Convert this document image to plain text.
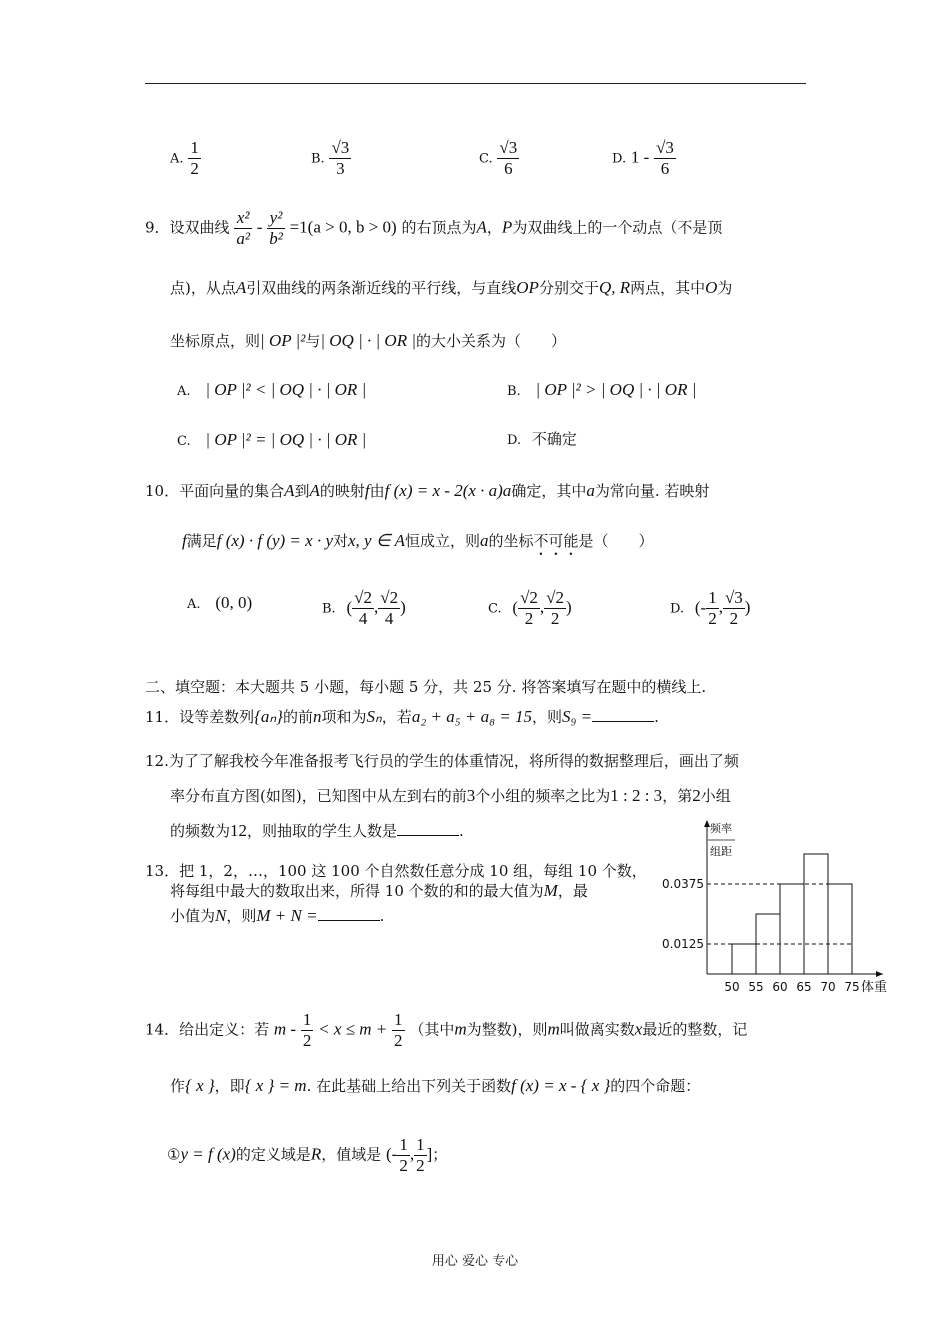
A. $\frac{1}{2}$	B. $\frac{√3}{3}$	C. $\frac{√3}{6}$	D. $1 - \frac{√3}{6}$
9．设双曲线 $\frac{\text{x²}}{\text{a²}} - \frac{\text{y²}}{\text{b²}} =1(a > 0$, b > 0) 的右顶点为A，P为双曲线上的一个动点（不是顶
点)，从点A引双曲线的两条渐近线的平行线，与直线OP分别交于Q, R两点，其中O为
坐标原点，则| OP |²与| OQ | · | OR |的大小关系为（　　）
A. | OP |² < | OQ | · | OR |	B. | OP |² > | OQ | · | OR |
C. | OP |² = | OQ | · | OR |	D. 不确定
10．平面向量的集合A到A的映射f由f (x) = x - 2(x · a)a确定，其中a为常向量. 若映射
f满足f (x) · f (y) = x · y对x, y ∈ A恒成立，则a的坐标不可能是（　　）
A. (0, 0)	B. ( $\frac{√2}{4}$ , $\frac{√2}{4}$ )	C. ( $\frac{√2}{2}$ , $\frac{√2}{2}$ )	D. (- $\frac{1}{2}$ , $\frac{√3}{2}$ )
二、填空题：本大题共 5 小题，每小题 5 分，共 25 分. 将答案填写在题中的横线上.
11．设等差数列{aₙ}的前n项和为Sₙ，若a₂ + a₅ + a₈ = 15，则S₉ =	.
12.为了了解我校今年准备报考飞行员的学生的体重情况，将所得的数据整理后，画出了频
率分布直方图(如图)，已知图中从左到右的前3个小组的频率之比为1 : 2 : 3，第2小组
的频数为12，则抽取的学生人数是	.
13．把 1，2，…，100 这 100 个自然数任意分成 10 组，每组 10 个数，
将每组中最大的数取出来，所得 10 个数的和的最大值为M，最
小值为N，则M + N =	.
0.0375
0.0125
50 55 60 65 70 75 体重
频率
组距
14．给出定义：若 $m - \frac{1}{2} < x \le m + \frac{1}{2}$ （其中m为整数)，则m叫做离实数x最近的整数，记
作{ x }，即{ x } = m. 在此基础上给出下列关于函数f (x) = x - { x }的四个命题：
①y = f (x)的定义域是R，值域是 (- $\frac{1}{2}$ , $\frac{1}{2}$ ]；
用心 爱心 专心
